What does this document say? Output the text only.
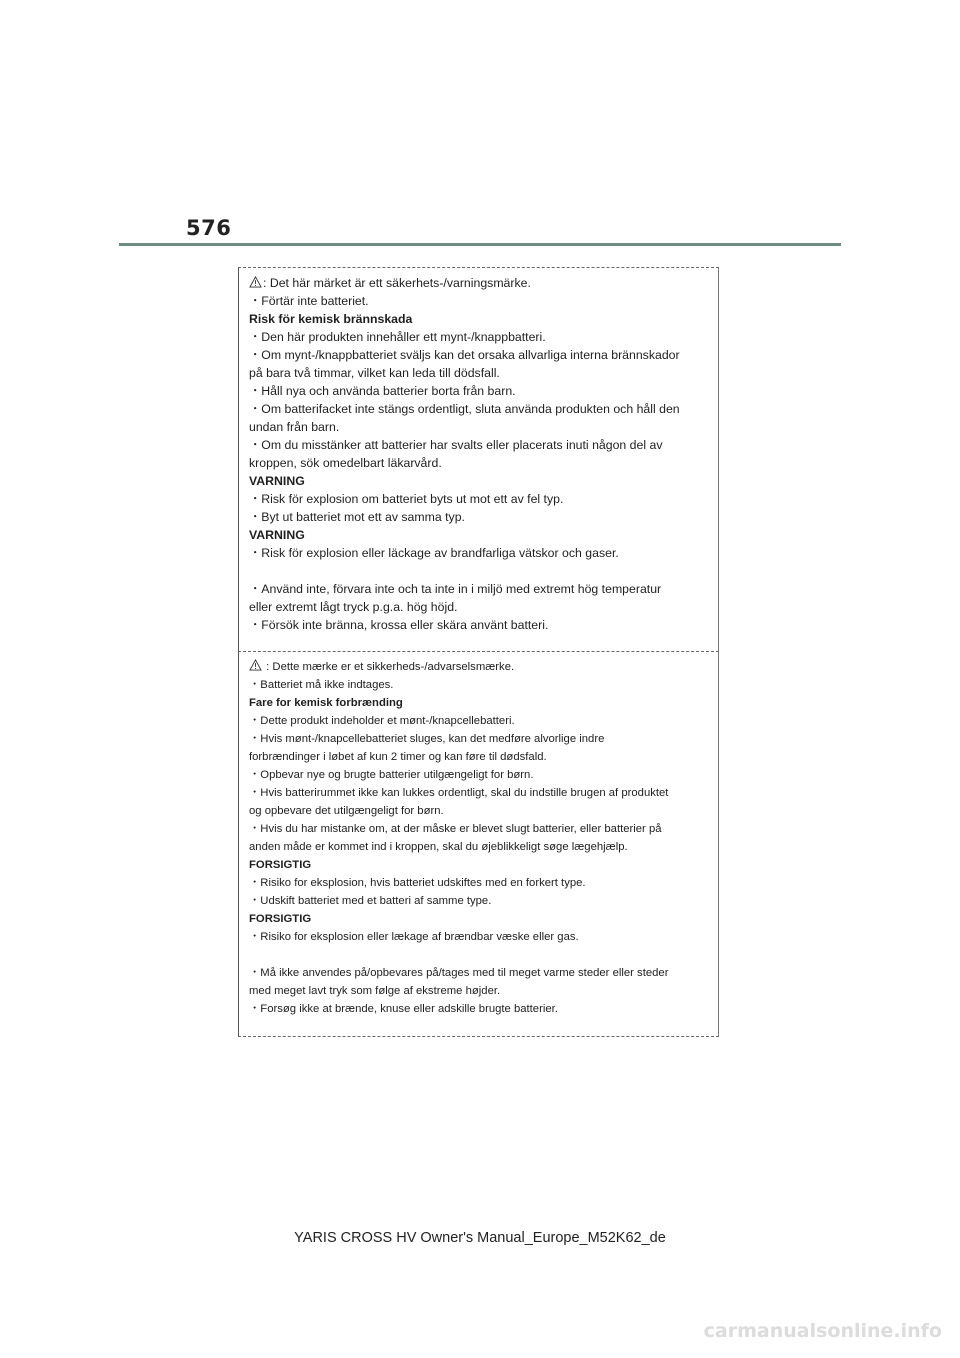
576
: Det här märket är ett säkerhets-/varningsmärke.
・Förtär inte batteriet.
Risk för kemisk brännskada
・Den här produkten innehåller ett mynt-/knappbatteri.
・Om mynt-/knappbatteriet sväljs kan det orsaka allvarliga interna brännskador
på bara två timmar, vilket kan leda till dödsfall.
・Håll nya och använda batterier borta från barn.
・Om batterifacket inte stängs ordentligt, sluta använda produkten och håll den
undan från barn.
・Om du misstänker att batterier har svalts eller placerats inuti någon del av
kroppen, sök omedelbart läkarvård.
VARNING
・Risk för explosion om batteriet byts ut mot ett av fel typ.
・Byt ut batteriet mot ett av samma typ.
VARNING
・Risk för explosion eller läckage av brandfarliga vätskor och gaser.
・Använd inte, förvara inte och ta inte in i miljö med extremt hög temperatur
eller extremt lågt tryck p.g.a. hög höjd.
・Försök inte bränna, krossa eller skära använt batteri.
: Dette mærke er et sikkerheds-/advarselsmærke.
・Batteriet må ikke indtages.
Fare for kemisk forbrænding
・Dette produkt indeholder et mønt-/knapcellebatteri.
・Hvis mønt-/knapcellebatteriet sluges, kan det medføre alvorlige indre
forbrændinger i løbet af kun 2 timer og kan føre til dødsfald.
・Opbevar nye og brugte batterier utilgængeligt for børn.
・Hvis batterirummet ikke kan lukkes ordentligt, skal du indstille brugen af produktet
og opbevare det utilgængeligt for børn.
・Hvis du har mistanke om, at der måske er blevet slugt batterier, eller batterier på
anden måde er kommet ind i kroppen, skal du øjeblikkeligt søge lægehjælp.
FORSIGTIG
・Risiko for eksplosion, hvis batteriet udskiftes med en forkert type.
・Udskift batteriet med et batteri af samme type.
FORSIGTIG
・Risiko for eksplosion eller lækage af brændbar væske eller gas.
・Må ikke anvendes på/opbevares på/tages med til meget varme steder eller steder
med meget lavt tryk som følge af ekstreme højder.
・Forsøg ikke at brænde, knuse eller adskille brugte batterier.
YARIS CROSS HV Owner's Manual_Europe_M52K62_de
carmanualsonline.info
